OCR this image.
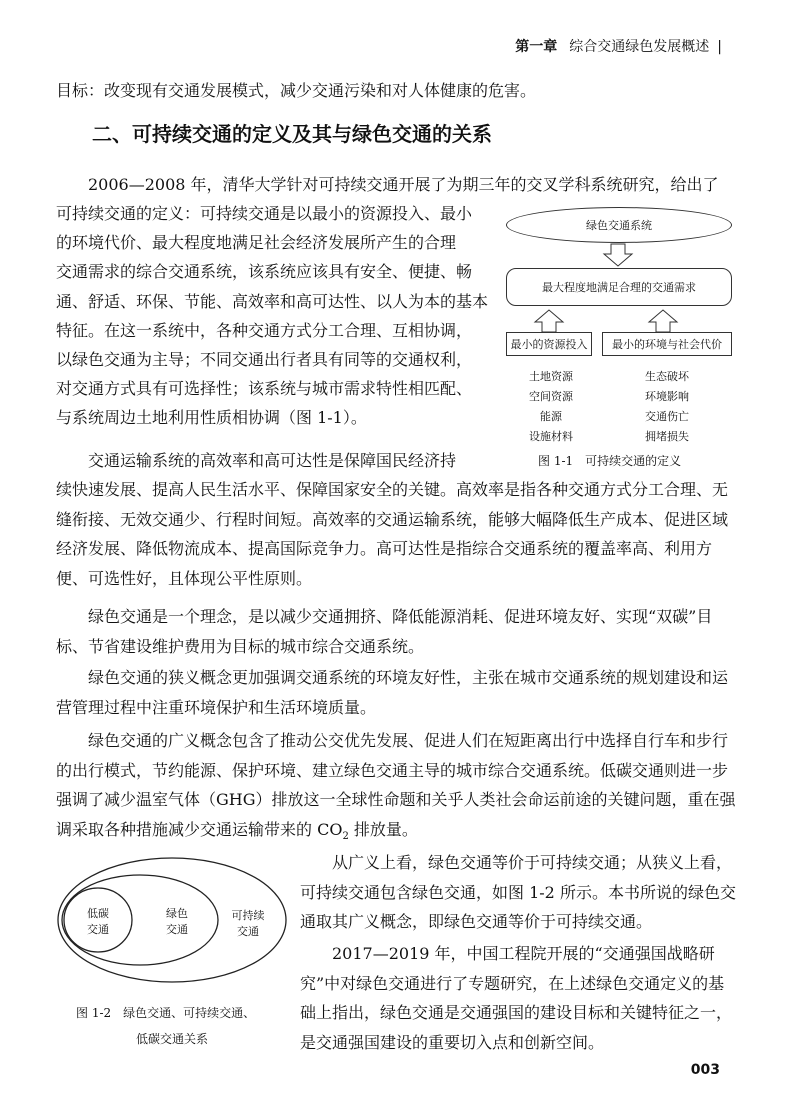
第一章 综合交通绿色发展概述 |

目标：改变现有交通发展模式，减少交通污染和对人体健康的危害。

二、可持续交通的定义及其与绿色交通的关系

2006—2008 年，清华大学针对可持续交通开展了为期三年的交叉学科系统研究，给出了

可持续交通的定义：可持续交通是以最小的资源投入、最小
的环境代价、最大程度地满足社会经济发展所产生的合理
交通需求的综合交通系统，该系统应该具有安全、便捷、畅
通、舒适、环保、节能、高效率和高可达性、以人为本的基本
特征。在这一系统中，各种交通方式分工合理、互相协调，
以绿色交通为主导；不同交通出行者具有同等的交通权利，
对交通方式具有可选择性；该系统与城市需求特性相匹配、
与系统周边土地利用性质相协调（图 1-1）。
绿色交通系统
最大程度地满足合理的交通需求
最小的资源投入	最小的环境与社会代价
土地资源
空间资源
能源
设施材料
生态破坏
环境影响
交通伤亡
拥堵损失
图 1-1　可持续交通的定义

交通运输系统的高效率和高可达性是保障国民经济持

续快速发展、提高人民生活水平、保障国家安全的关键。高效率是指各种交通方式分工合理、无缝衔接、无效交通少、行程时间短。高效率的交通运输系统，能够大幅降低生产成本、促进区域经济发展、降低物流成本、提高国际竞争力。高可达性是指综合交通系统的覆盖率高、利用方便、可选性好，且体现公平性原则。

绿色交通是一个理念，是以减少交通拥挤、降低能源消耗、促进环境友好、实现“双碳”目标、节省建设维护费用为目标的城市综合交通系统。

绿色交通的狭义概念更加强调交通系统的环境友好性，主张在城市交通系统的规划建设和运营管理过程中注重环境保护和生活环境质量。

绿色交通的广义概念包含了推动公交优先发展、促进人们在短距离出行中选择自行车和步行的出行模式，节约能源、保护环境、建立绿色交通主导的城市综合交通系统。低碳交通则进一步强调了减少温室气体（GHG）排放这一全球性命题和关乎人类社会命运前途的关键问题，重在强调采取各种措施减少交通运输带来的 $CO_2$ 排放量。

低碳
交通
绿色
交通
可持续
交通
图 1-2　绿色交通、可持续交通、
低碳交通关系

从广义上看，绿色交通等价于可持续交通；从狭义上看，可持续交通包含绿色交通，如图 1-2 所示。本书所说的绿色交通取其广义概念，即绿色交通等价于可持续交通。

2017—2019 年，中国工程院开展的“交通强国战略研究”中对绿色交通进行了专题研究，在上述绿色交通定义的基础上指出，绿色交通是交通强国的建设目标和关键特征之一，是交通强国建设的重要切入点和创新空间。

003
